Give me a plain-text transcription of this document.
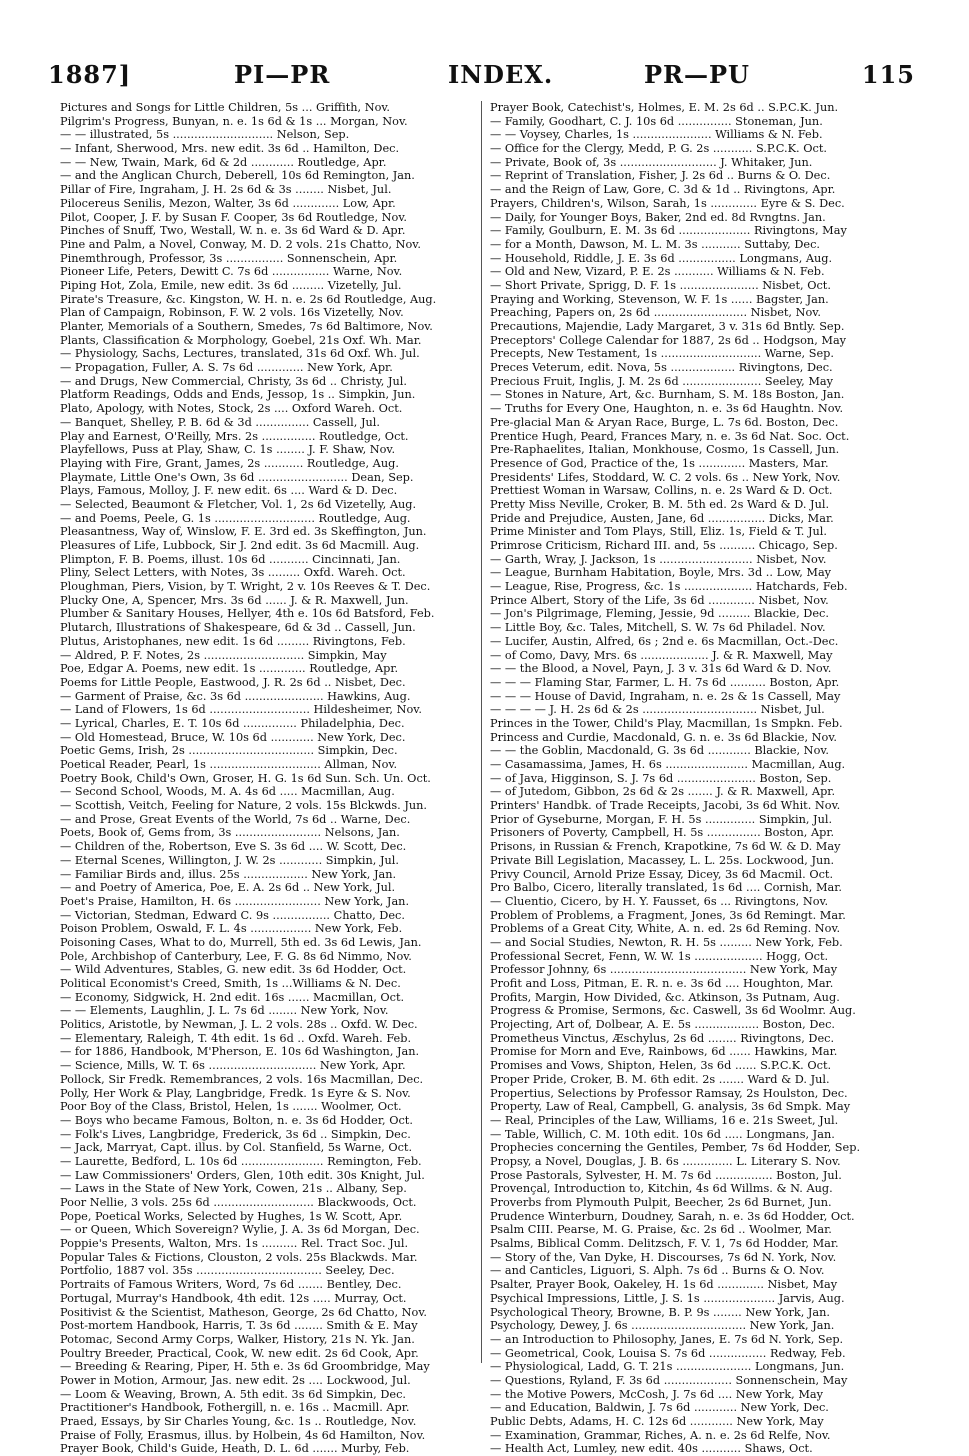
1887]	PI—PR	INDEX.	PR—PU	115
Pictures and Songs for Little Children, 5s ... Griffith, Nov.
Pilgrim's Progress, Bunyan, n. e. 1s 6d & 1s ... Morgan, Nov.
— — illustrated, 5s ............................ Nelson, Sep.
— Infant, Sherwood, Mrs. new edit. 3s 6d .. Hamilton, Dec.
— — New, Twain, Mark, 6d & 2d ............ Routledge, Apr.
— and the Anglican Church, Deberell, 10s 6d Remington, Jan.
Pillar of Fire, Ingraham, J. H. 2s 6d & 3s ........ Nisbet, Jul.
Pilocereus Senilis, Mezon, Walter, 3s 6d ............. Low, Apr.
Pilot, Cooper, J. F. by Susan F. Cooper, 3s 6d Routledge, Nov.
Pinches of Snuff, Two, Westall, W. n. e. 3s 6d Ward & D. Apr.
Pine and Palm, a Novel, Conway, M. D. 2 vols. 21s Chatto, Nov.
Pinemthrough, Professor, 3s ................ Sonnenschein, Apr.
Pioneer Life, Peters, Dewitt C. 7s 6d ................ Warne, Nov.
Piping Hot, Zola, Emile, new edit. 3s 6d ......... Vizetelly, Jul.
Pirate's Treasure, &c. Kingston, W. H. n. e. 2s 6d Routledge, Aug.
Plan of Campaign, Robinson, F. W. 2 vols. 16s Vizetelly, Nov.
Planter, Memorials of a Southern, Smedes, 7s 6d Baltimore, Nov.
Plants, Classification & Morphology, Goebel, 21s Oxf. Wh. Mar.
— Physiology, Sachs, Lectures, translated, 31s 6d Oxf. Wh. Jul.
— Propagation, Fuller, A. S. 7s 6d ............. New York, Apr.
— and Drugs, New Commercial, Christy, 3s 6d .. Christy, Jul.
Platform Readings, Odds and Ends, Jessop, 1s .. Simpkin, Jun.
Plato, Apology, with Notes, Stock, 2s .... Oxford Wareh. Oct.
— Banquet, Shelley, P. B. 6d & 3d ............... Cassell, Jul.
Play and Earnest, O'Reilly, Mrs. 2s ............... Routledge, Oct.
Playfellows, Puss at Play, Shaw, C. 1s ........ J. F. Shaw, Nov.
Playing with Fire, Grant, James, 2s ........... Routledge, Aug.
Playmate, Little One's Own, 3s 6d ......................... Dean, Sep.
Plays, Famous, Molloy, J. F. new edit. 6s .... Ward & D. Dec.
— Selected, Beaumont & Fletcher, Vol. 1, 2s 6d Vizetelly, Aug.
— and Poems, Peele, G. 1s ............................ Routledge, Aug.
Pleasantness, Way of, Winslow, F. E. 3rd ed. 3s Skeffington, Jun.
Pleasures of Life, Lubbock, Sir J. 2nd edit. 3s 6d Macmill. Aug.
Plimpton, F. B. Poems, illust. 10s 6d ........... Cincinnati, Jan.
Pliny, Select Letters, with Notes, 3s ......... Oxfd. Wareh. Oct.
Ploughman, Piers, Vision, by T. Wright, 2 v. 10s Reeves & T. Dec.
Plucky One, A, Spencer, Mrs. 3s 6d ...... J. & R. Maxwell, Jun.
Plumber & Sanitary Houses, Hellyer, 4th e. 10s 6d Batsford, Feb.
Plutarch, Illustrations of Shakespeare, 6d & 3d .. Cassell, Jun.
Plutus, Aristophanes, new edit. 1s 6d ......... Rivingtons, Feb.
— Aldred, P. F. Notes, 2s ............................ Simpkin, May
Poe, Edgar A. Poems, new edit. 1s ............. Routledge, Apr.
Poems for Little People, Eastwood, J. R. 2s 6d .. Nisbet, Dec.
— Garment of Praise, &c. 3s 6d ...................... Hawkins, Aug.
— Land of Flowers, 1s 6d ............................ Hildesheimer, Nov.
— Lyrical, Charles, E. T. 10s 6d ............... Philadelphia, Dec.
— Old Homestead, Bruce, W. 10s 6d ............ New York, Dec.
Poetic Gems, Irish, 2s ................................... Simpkin, Dec.
Poetical Reader, Pearl, 1s ............................... Allman, Nov.
Poetry Book, Child's Own, Groser, H. G. 1s 6d Sun. Sch. Un. Oct.
— Second School, Woods, M. A. 4s 6d ..... Macmillan, Aug.
— Scottish, Veitch, Feeling for Nature, 2 vols. 15s Blckwds. Jun.
— and Prose, Great Events of the World, 7s 6d .. Warne, Dec.
Poets, Book of, Gems from, 3s ........................ Nelsons, Jan.
— Children of the, Robertson, Eve S. 3s 6d .... W. Scott, Dec.
— Eternal Scenes, Willington, J. W. 2s ............ Simpkin, Jul.
— Familiar Birds and, illus. 25s .................. New York, Jan.
— and Poetry of America, Poe, E. A. 2s 6d .. New York, Jul.
Poet's Praise, Hamilton, H. 6s ........................ New York, Jan.
— Victorian, Stedman, Edward C. 9s ................ Chatto, Dec.
Poison Problem, Oswald, F. L. 4s ................. New York, Feb.
Poisoning Cases, What to do, Murrell, 5th ed. 3s 6d Lewis, Jan.
Pole, Archbishop of Canterbury, Lee, F. G. 8s 6d Nimmo, Nov.
— Wild Adventures, Stables, G. new edit. 3s 6d Hodder, Oct.
Political Economist's Creed, Smith, 1s ...Williams & N. Dec.
— Economy, Sidgwick, H. 2nd edit. 16s ...... Macmillan, Oct.
— — Elements, Laughlin, J. L. 7s 6d ........ New York, Nov.
Politics, Aristotle, by Newman, J. L. 2 vols. 28s .. Oxfd. W. Dec.
— Elementary, Raleigh, T. 4th edit. 1s 6d .. Oxfd. Wareh. Feb.
— for 1886, Handbook, M'Pherson, E. 10s 6d Washington, Jan.
— Science, Mills, W. T. 6s .............................. New York, Apr.
Pollock, Sir Fredk. Remembrances, 2 vols. 16s Macmillan, Dec.
Polly, Her Work & Play, Langbridge, Fredk. 1s Eyre & S. Nov.
Poor Boy of the Class, Bristol, Helen, 1s ....... Woolmer, Oct.
— Boys who became Famous, Bolton, n. e. 3s 6d Hodder, Oct.
— Folk's Lives, Langbridge, Frederick, 3s 6d .. Simpkin, Dec.
— Jack, Marryat, Capt. illus. by Col. Stanfield, 5s Warne, Oct.
— Laurette, Bedford, L. 10s 6d ....................... Remington, Feb.
— Law Commissioners' Orders, Glen, 10th edit. 30s Knight, Jul.
— Laws in the State of New York, Cowen, 21s .. Albany, Sep.
Poor Nellie, 3 vols. 25s 6d ............................ Blackwoods, Oct.
Pope, Poetical Works, Selected by Hughes, 1s W. Scott, Apr.
— or Queen, Which Sovereign? Wylie, J. A. 3s 6d Morgan, Dec.
Poppie's Presents, Walton, Mrs. 1s .......... Rel. Tract Soc. Jul.
Popular Tales & Fictions, Clouston, 2 vols. 25s Blackwds. Mar.
Portfolio, 1887 vol. 35s ................................... Seeley, Dec.
Portraits of Famous Writers, Word, 7s 6d ....... Bentley, Dec.
Portugal, Murray's Handbook, 4th edit. 12s ..... Murray, Oct.
Positivist & the Scientist, Matheson, George, 2s 6d Chatto, Nov.
Post-mortem Handbook, Harris, T. 3s 6d ........ Smith & E. May
Potomac, Second Army Corps, Walker, History, 21s N. Yk. Jan.
Poultry Breeder, Practical, Cook, W. new edit. 2s 6d Cook, Apr.
— Breeding & Rearing, Piper, H. 5th e. 3s 6d Groombridge, May
Power in Motion, Armour, Jas. new edit. 2s .... Lockwood, Jul.
— Loom & Weaving, Brown, A. 5th edit. 3s 6d Simpkin, Dec.
Practitioner's Handbook, Fothergill, n. e. 16s .. Macmill. Apr.
Praed, Essays, by Sir Charles Young, &c. 1s .. Routledge, Nov.
Praise of Folly, Erasmus, illus. by Holbein, 4s 6d Hamilton, Nov.
Prayer Book, Child's Guide, Heath, D. L. 6d ....... Murby, Feb.
Prayer Book, Catechist's, Holmes, E. M. 2s 6d .. S.P.C.K. Jun.
— Family, Goodhart, C. J. 10s 6d ............... Stoneman, Jun.
— — Voysey, Charles, 1s ...................... Williams & N. Feb.
— Office for the Clergy, Medd, P. G. 2s ........... S.P.C.K. Oct.
— Private, Book of, 3s ........................... J. Whitaker, Jun.
— Reprint of Translation, Fisher, J. 2s 6d .. Burns & O. Dec.
— and the Reign of Law, Gore, C. 3d & 1d .. Rivingtons, Apr.
Prayers, Children's, Wilson, Sarah, 1s ............. Eyre & S. Dec.
— Daily, for Younger Boys, Baker, 2nd ed. 8d Rvngtns. Jan.
— Family, Goulburn, E. M. 3s 6d .................... Rivingtons, May
— for a Month, Dawson, M. L. M. 3s ........... Suttaby, Dec.
— Household, Riddle, J. E. 3s 6d ................ Longmans, Aug.
— Old and New, Vizard, P. E. 2s ........... Williams & N. Feb.
— Short Private, Sprigg, D. F. 1s ...................... Nisbet, Oct.
Praying and Working, Stevenson, W. F. 1s ...... Bagster, Jan.
Preaching, Papers on, 2s 6d .......................... Nisbet, Nov.
Precautions, Majendie, Lady Margaret, 3 v. 31s 6d Bntly. Sep.
Preceptors' College Calendar for 1887, 2s 6d .. Hodgson, May
Precepts, New Testament, 1s ............................ Warne, Sep.
Preces Veterum, edit. Nova, 5s .................. Rivingtons, Dec.
Precious Fruit, Inglis, J. M. 2s 6d ...................... Seeley, May
— Stones in Nature, Art, &c. Burnham, S. M. 18s Boston, Jan.
— Truths for Every One, Haughton, n. e. 3s 6d Haughtn. Nov.
Pre-glacial Man & Aryan Race, Burge, L. 7s 6d. Boston, Dec.
Prentice Hugh, Peard, Frances Mary, n. e. 3s 6d Nat. Soc. Oct.
Pre-Raphaelites, Italian, Monkhouse, Cosmo, 1s Cassell, Jun.
Presence of God, Practice of the, 1s ............. Masters, Mar.
Presidents' Lifes, Stoddard, W. C. 2 vols. 6s .. New York, Nov.
Prettiest Woman in Warsaw, Collins, n. e. 2s Ward & D. Oct.
Pretty Miss Neville, Croker, B. M. 5th ed. 2s Ward & D. Jul.
Pride and Prejudice, Austen, Jane, 6d ................ Dicks, Mar.
Prime Minister and Tom Plays, Still, Eliz. 1s, Field & T. Jul.
Primrose Criticism, Richard III. and, 5s .......... Chicago, Sep.
— Garth, Wray, J. Jackson, 1s .......................... Nisbet, Nov.
— League, Burnham Habitation, Boyle, Mrs. 3d .. Low, May
— League, Rise, Progress, &c. 1s ................... Hatchards, Feb.
Prince Albert, Story of the Life, 3s 6d ............. Nisbet, Nov.
— Jon's Pilgrimage, Fleming, Jessie, 9d ......... Blackie, Dec.
— Little Boy, &c. Tales, Mitchell, S. W. 7s 6d Philadel. Nov.
— Lucifer, Austin, Alfred, 6s ; 2nd e. 6s Macmillan, Oct.-Dec.
— of Como, Davy, Mrs. 6s ................... J. & R. Maxwell, May
— — the Blood, a Novel, Payn, J. 3 v. 31s 6d Ward & D. Nov.
— — — Flaming Star, Farmer, L. H. 7s 6d .......... Boston, Apr.
— — — House of David, Ingraham, n. e. 2s & 1s Cassell, May
— — — — J. H. 2s 6d & 2s ................................ Nisbet, Jul.
Princes in the Tower, Child's Play, Macmillan, 1s Smpkn. Feb.
Princess and Curdie, Macdonald, G. n. e. 3s 6d Blackie, Nov.
— — the Goblin, Macdonald, G. 3s 6d ............ Blackie, Nov.
— Casamassima, James, H. 6s ....................... Macmillan, Aug.
— of Java, Higginson, S. J. 7s 6d ...................... Boston, Sep.
— of Jutedom, Gibbon, 2s 6d & 2s ....... J. & R. Maxwell, Apr.
Printers' Handbk. of Trade Receipts, Jacobi, 3s 6d Whit. Nov.
Prior of Gyseburne, Morgan, F. H. 5s .............. Simpkin, Jul.
Prisoners of Poverty, Campbell, H. 5s ............... Boston, Apr.
Prisons, in Russian & French, Krapotkine, 7s 6d W. & D. May
Private Bill Legislation, Macassey, L. L. 25s. Lockwood, Jun.
Privy Council, Arnold Prize Essay, Dicey, 3s 6d Macmil. Oct.
Pro Balbo, Cicero, literally translated, 1s 6d .... Cornish, Mar.
— Cluentio, Cicero, by H. Y. Fausset, 6s ... Rivingtons, Nov.
Problem of Problems, a Fragment, Jones, 3s 6d Remingt. Mar.
Problems of a Great City, White, A. n. ed. 2s 6d Reming. Nov.
— and Social Studies, Newton, R. H. 5s ......... New York, Feb.
Professional Secret, Fenn, W. W. 1s ................... Hogg, Oct.
Professor Johnny, 6s ...................................... New York, May
Profit and Loss, Pitman, E. R. n. e. 3s 6d .... Houghton, Mar.
Profits, Margin, How Divided, &c. Atkinson, 3s Putnam, Aug.
Progress & Promise, Sermons, &c. Caswell, 3s 6d Woolmr. Aug.
Projecting, Art of, Dolbear, A. E. 5s .................. Boston, Dec.
Prometheus Vinctus, Æschylus, 2s 6d ........ Rivingtons, Dec.
Promise for Morn and Eve, Rainbows, 6d ...... Hawkins, Mar.
Promises and Vows, Shipton, Helen, 3s 6d ...... S.P.C.K. Oct.
Proper Pride, Croker, B. M. 6th edit. 2s ....... Ward & D. Jul.
Propertius, Selections by Professor Ramsay, 2s Houlston, Dec.
Property, Law of Real, Campbell, G. analysis, 3s 6d Smpk. May
— Real, Principles of the Law, Williams, 16 e. 21s Sweet, Jul.
— Table, Willich, C. M. 10th edit. 10s 6d ..... Longmans, Jan.
Prophecies concerning the Gentiles, Pember, 7s 6d Hodder, Sep.
Propsy, a Novel, Douglas, J. B. 6s .............. L. Literary S. Nov.
Prose Pastorals, Sylvester, H. M. 7s 6d ................ Boston, Jul.
Provençal, Introduction to, Kitchin, 4s 6d Willms. & N. Aug.
Proverbs from Plymouth Pulpit, Beecher, 2s 6d Burnet, Jun.
Prudence Winterburn, Doudney, Sarah, n. e. 3s 6d Hodder, Oct.
Psalm CIII. Pearse, M. G. Praise, &c. 2s 6d .. Woolmer, Mar.
Psalms, Biblical Comm. Delitzsch, F. V. 1, 7s 6d Hodder, Mar.
— Story of the, Van Dyke, H. Discourses, 7s 6d N. York, Nov.
— and Canticles, Liguori, S. Alph. 7s 6d .. Burns & O. Nov.
Psalter, Prayer Book, Oakeley, H. 1s 6d ............. Nisbet, May
Psychical Impressions, Little, J. S. 1s .................... Jarvis, Aug.
Psychological Theory, Browne, B. P. 9s ........ New York, Jan.
Psychology, Dewey, J. 6s ................................ New York, Jan.
— an Introduction to Philosophy, Janes, E. 7s 6d N. York, Sep.
— Geometrical, Cook, Louisa S. 7s 6d ................ Redway, Feb.
— Physiological, Ladd, G. T. 21s ..................... Longmans, Jun.
— Questions, Ryland, F. 3s 6d ................... Sonnenschein, May
— the Motive Powers, McCosh, J. 7s 6d .... New York, May
— and Education, Baldwin, J. 7s 6d ............ New York, Dec.
Public Debts, Adams, H. C. 12s 6d ............ New York, May
— Examination, Grammar, Riches, A. n. e. 2s 6d Relfe, Nov.
— Health Act, Lumley, new edit. 40s ........... Shaws, Oct.
